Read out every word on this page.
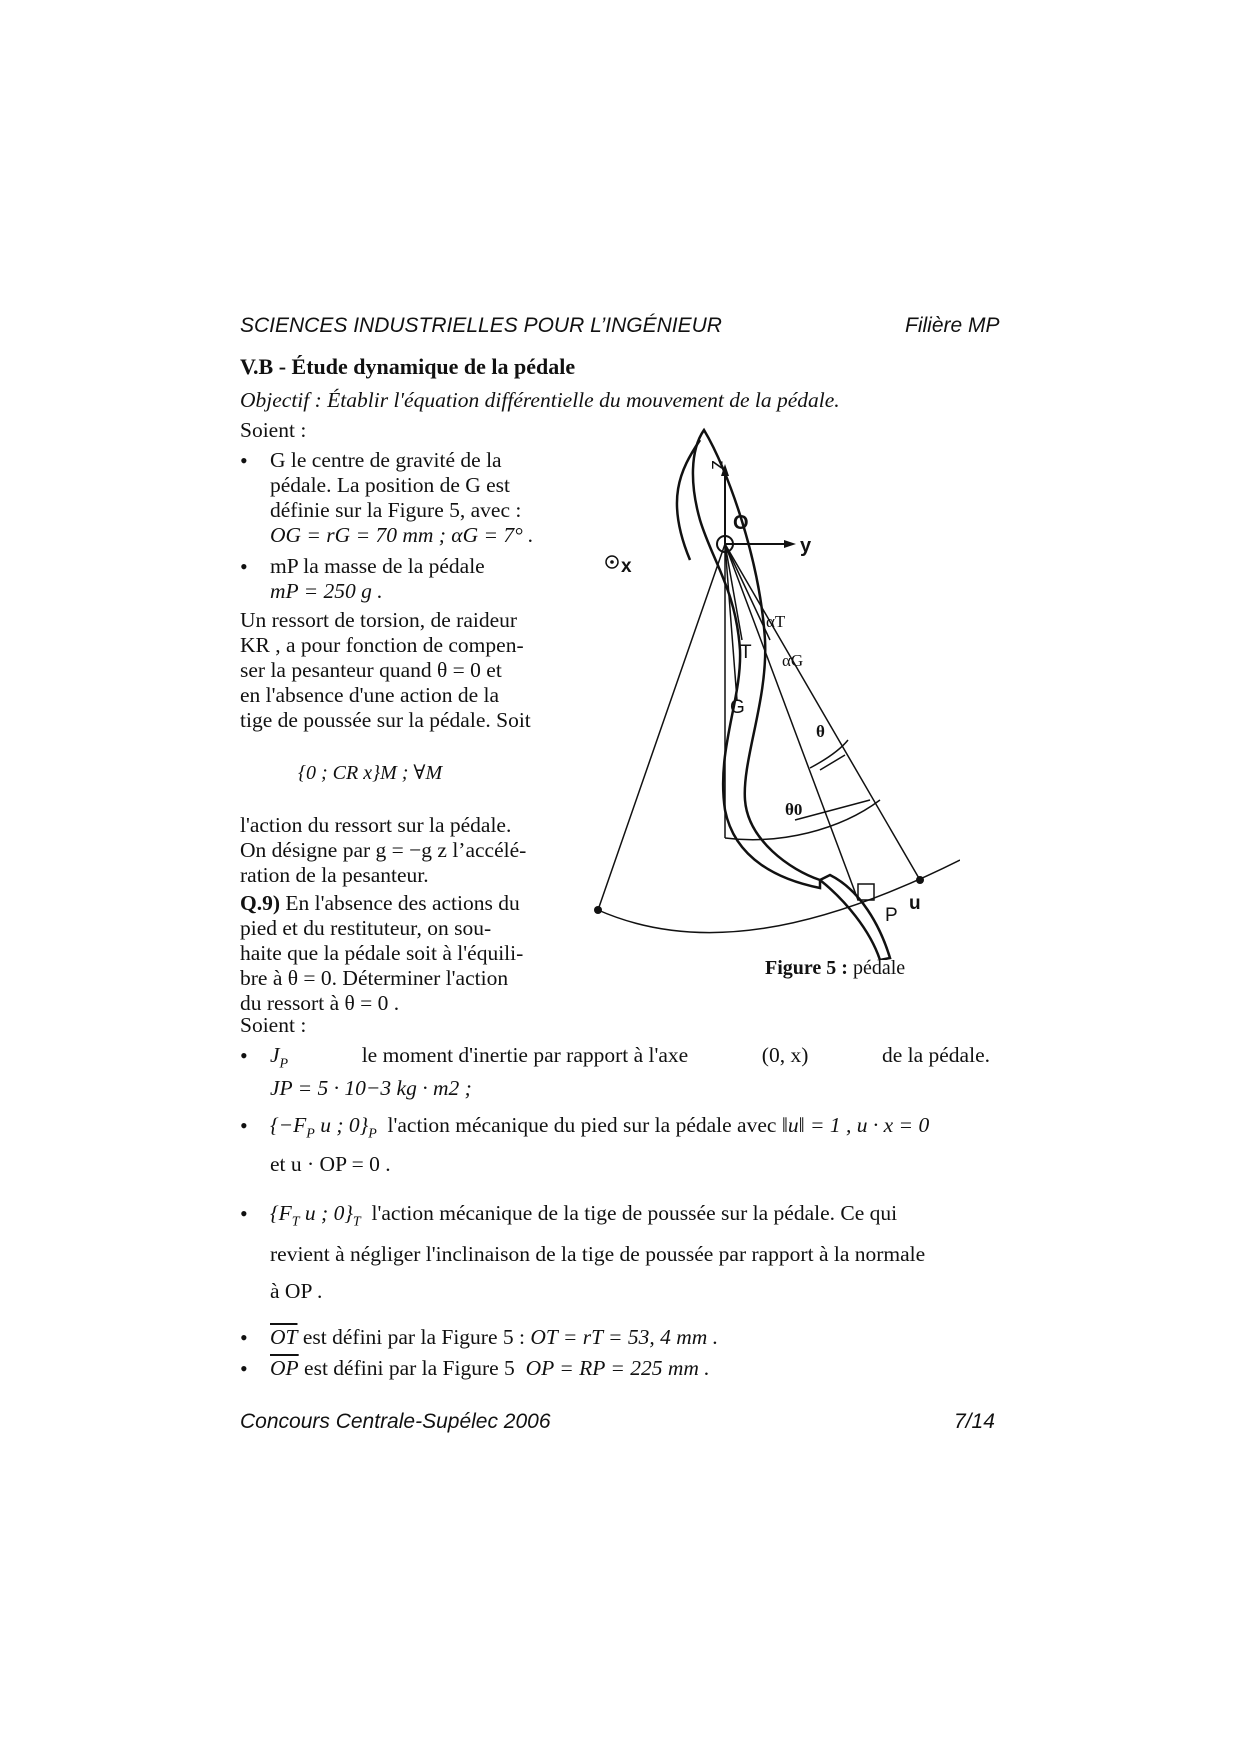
SCIENCES INDUSTRIELLES POUR L’INGÉNIEUR	Filière MP
V.B - Étude dynamique de la pédale
Objectif : Établir l'équation différentielle du mouvement de la pédale.
Soient :
• G le centre de gravité de la
pédale. La position de G est
définie sur la Figure 5, avec :
OG = rG = 70 mm ; αG = 7° .
• mP la masse de la pédale
mP = 250 g .
Un ressort de torsion, de raideur
KR , a pour fonction de compen-
ser la pesanteur quand θ = 0 et
en l'absence d'une action de la
tige de poussée sur la pédale. Soit
{0 ; CR x}M ; ∀M
l'action du ressort sur la pédale.
On désigne par g = −g z l’accélé-
ration de la pesanteur.
Q.9) En l'absence des actions du
pied et du restituteur, on sou-
haite que la pédale soit à l'équili-
bre à θ = 0. Déterminer l'action
du ressort à θ = 0 .
O
z
y
x
T
G
P
u
αT
αG
θ
θ0
Figure 5 : pédale
Soient :
• $J_P$	le moment d'inertie par rapport à l'axe	(0, x)	de la pédale.
JP = 5 · 10−3 kg · m2 ;
• {$-F_P$ u ; $0\}_P$ l'action mécanique du pied sur la pédale avec ‖u‖ = 1 , u · x = 0
et u · OP = 0 .
• {$F_T$ u ; $0\}_T$ l'action mécanique de la tige de poussée sur la pédale. Ce qui
revient à négliger l'inclinaison de la tige de poussée par rapport à la normale
à OP .
• $\overline{OT}$ est défini par la Figure 5 : OT = rT = 53, 4 mm .
• $\overline{OP}$ est défini par la Figure 5 OP = RP = 225 mm .
Concours Centrale-Supélec 2006	7/14
